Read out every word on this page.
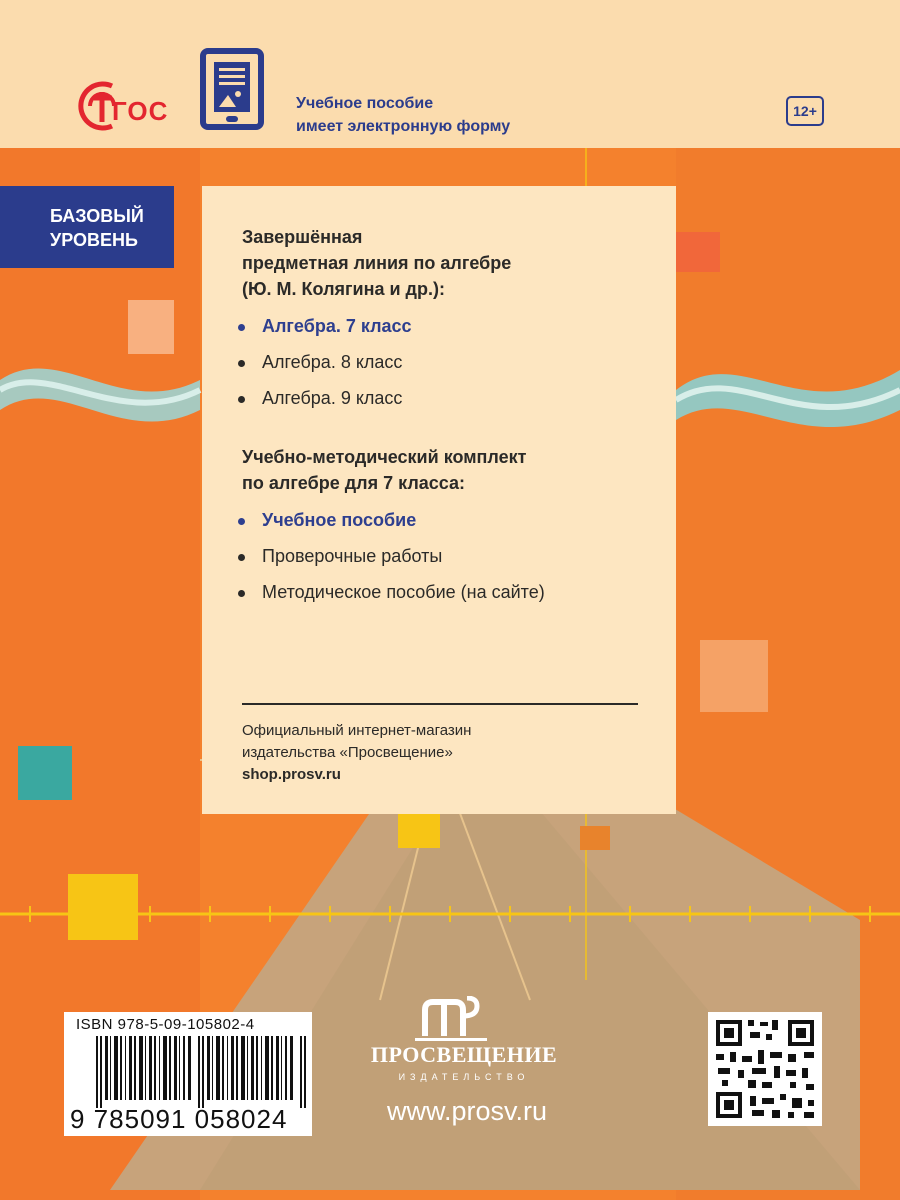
ГОС	Учебное пособие
имеет электронную форму
12+
БАЗОВЫЙ
УРОВЕНЬ	Завершённая
предметная линия по алгебре
(Ю. М. Колягина и др.):
Алгебра. 7 класс
Алгебра. 8 класс
Алгебра. 9 класс
Учебно-методический комплект
по алгебре для 7 класса:
Учебное пособие
Проверочные работы
Методическое пособие (на сайте)
Официальный интернет-магазин
издательства «Просвещение»
shop.prosv.ru
ISBN 978-5-09-105802-4
9 785091 058024
ПРОСВЕЩЕНИЕ
ИЗДАТЕЛЬСТВО
www.prosv.ru
